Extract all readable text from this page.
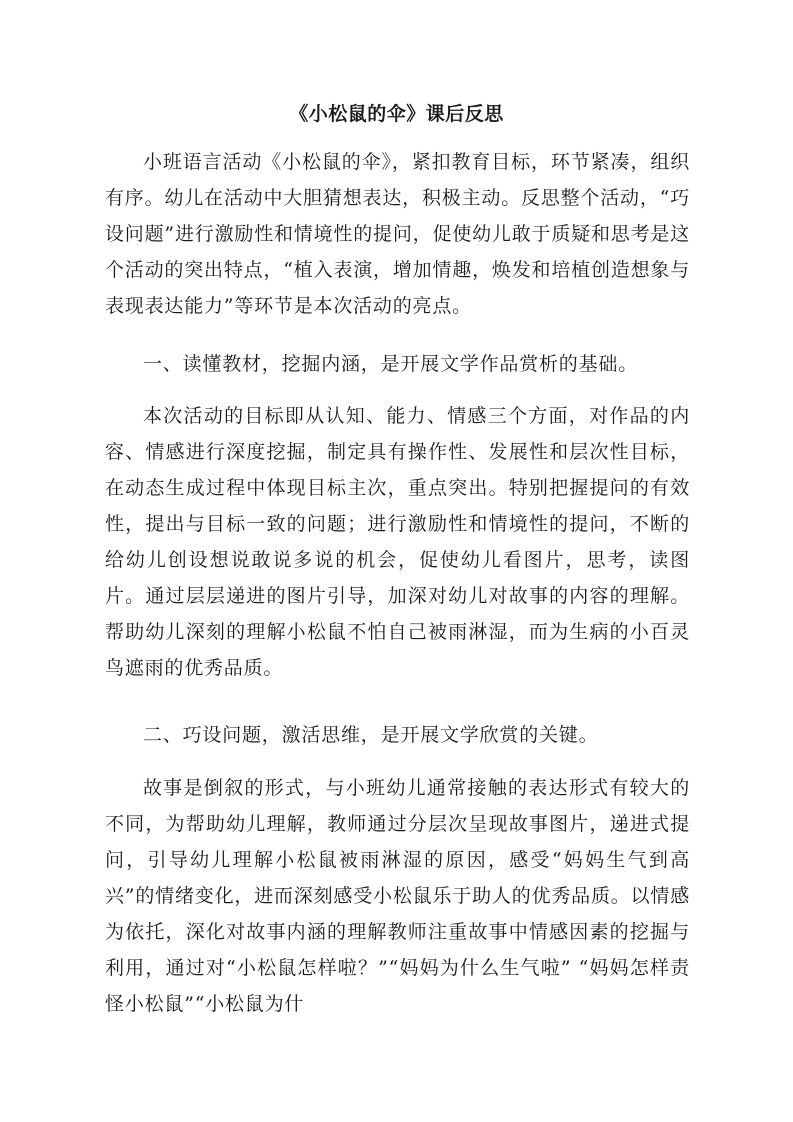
《小松鼠的伞》课后反思

小班语言活动《小松鼠的伞》，紧扣教育目标，环节紧凑，组织有序。幼儿在活动中大胆猜想表达，积极主动。反思整个活动，“巧设问题”进行激励性和情境性的提问，促使幼儿敢于质疑和思考是这个活动的突出特点，“植入表演，增加情趣，焕发和培植创造想象与表现表达能力”等环节是本次活动的亮点。

一、读懂教材，挖掘内涵，是开展文学作品赏析的基础。

本次活动的目标即从认知、能力、情感三个方面，对作品的内容、情感进行深度挖掘，制定具有操作性、发展性和层次性目标，在动态生成过程中体现目标主次，重点突出。特别把握提问的有效性，提出与目标一致的问题；进行激励性和情境性的提问，不断的给幼儿创设想说敢说多说的机会，促使幼儿看图片，思考，读图片。通过层层递进的图片引导，加深对幼儿对故事的内容的理解。帮助幼儿深刻的理解小松鼠不怕自己被雨淋湿，而为生病的小百灵鸟遮雨的优秀品质。

二、巧设问题，激活思维，是开展文学欣赏的关键。

故事是倒叙的形式，与小班幼儿通常接触的表达形式有较大的不同，为帮助幼儿理解，教师通过分层次呈现故事图片，递进式提问，引导幼儿理解小松鼠被雨淋湿的原因，感受“妈妈生气到高兴”的情绪变化，进而深刻感受小松鼠乐于助人的优秀品质。以情感为依托，深化对故事内涵的理解教师注重故事中情感因素的挖掘与利用，通过对“小松鼠怎样啦？”“妈妈为什么生气啦” “妈妈怎样责怪小松鼠”“小松鼠为什
